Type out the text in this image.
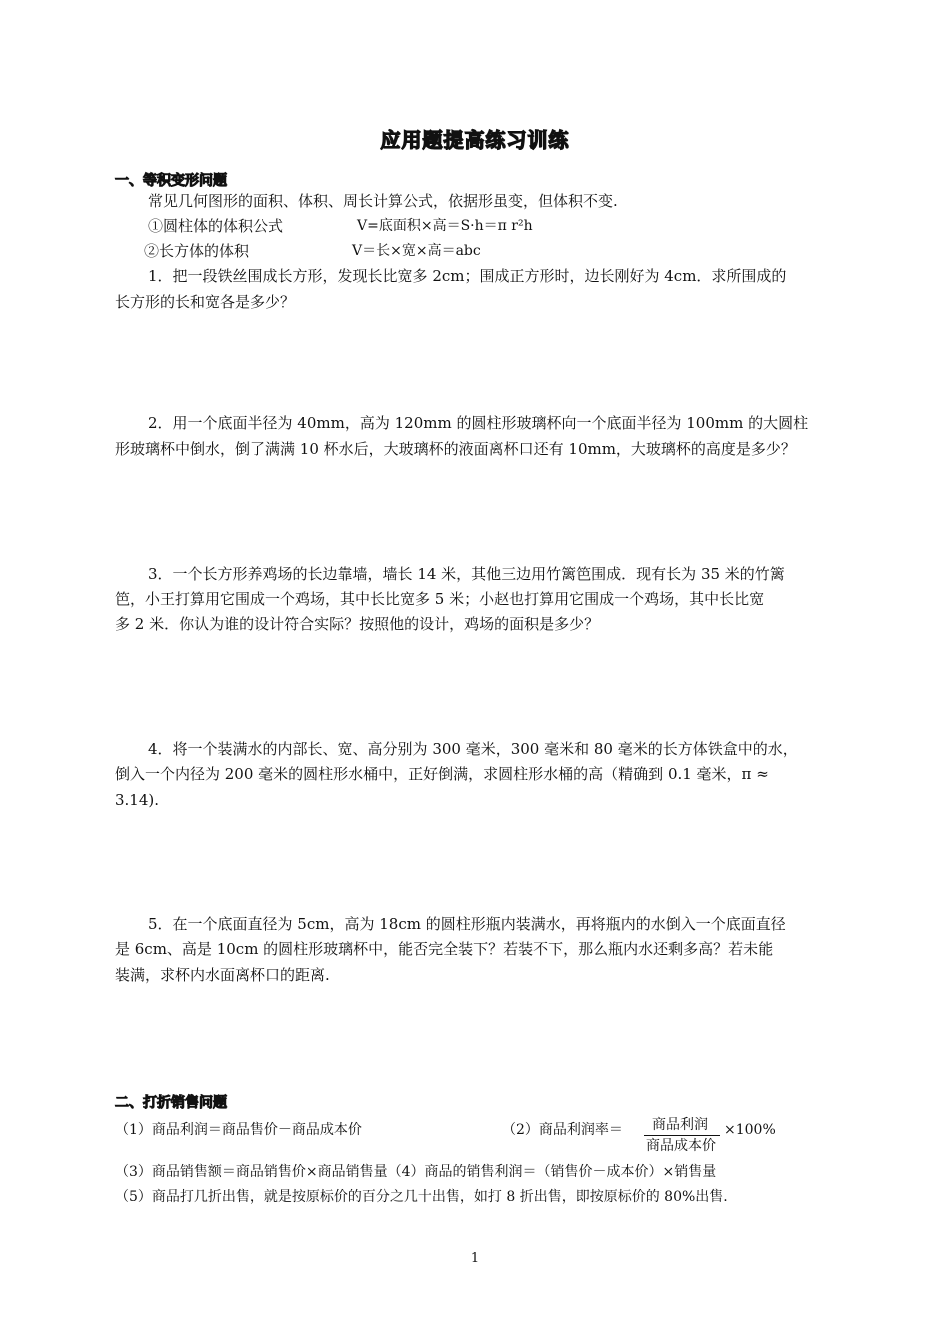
应用题提高练习训练
一、等积变形问题
常见几何图形的面积、体积、周长计算公式，依据形虽变，但体积不变.
①圆柱体的体积公式	V=底面积×高＝S·h＝π r²h
②长方体的体积	V＝长×宽×高＝abc
1．把一段铁丝围成长方形，发现长比宽多 2cm；围成正方形时，边长刚好为 4cm．求所围成的
长方形的长和宽各是多少？
2．用一个底面半径为 40mm，高为 120mm 的圆柱形玻璃杯向一个底面半径为 100mm 的大圆柱
形玻璃杯中倒水，倒了满满 10 杯水后，大玻璃杯的液面离杯口还有 10mm，大玻璃杯的高度是多少？
3．一个长方形养鸡场的长边靠墙，墙长 14 米，其他三边用竹篱笆围成．现有长为 35 米的竹篱
笆，小王打算用它围成一个鸡场，其中长比宽多 5 米；小赵也打算用它围成一个鸡场，其中长比宽
多 2 米．你认为谁的设计符合实际？按照他的设计，鸡场的面积是多少？
4．将一个装满水的内部长、宽、高分别为 300 毫米，300 毫米和 80 毫米的长方体铁盒中的水，
倒入一个内径为 200 毫米的圆柱形水桶中，正好倒满，求圆柱形水桶的高（精确到 0.1 毫米，π ≈
3.14).
5．在一个底面直径为 5cm，高为 18cm 的圆柱形瓶内装满水，再将瓶内的水倒入一个底面直径
是 6cm、高是 10cm 的圆柱形玻璃杯中，能否完全装下？若装不下，那么瓶内水还剩多高？若未能
装满，求杯内水面离杯口的距离.
二、打折销售问题
（1）商品利润＝商品售价－商品成本价	（2）商品利润率＝ 商品利润
商品成本价
×100%
（3）商品销售额＝商品销售价×商品销售量（4）商品的销售利润＝（销售价－成本价）×销售量
（5）商品打几折出售，就是按原标价的百分之几十出售，如打 8 折出售，即按原标价的 80%出售.
1
